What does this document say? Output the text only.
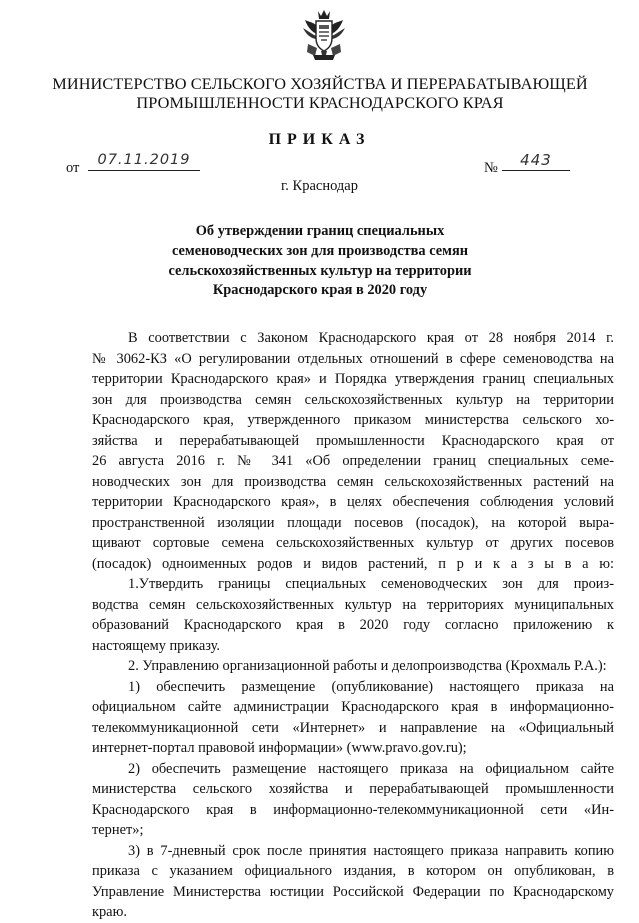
МИНИСТЕРСТВО СЕЛЬСКОГО ХОЗЯЙСТВА И ПЕРЕРАБАТЫВАЮЩЕЙ
ПРОМЫШЛЕННОСТИ КРАСНОДАРСКОГО КРАЯ
ПРИКАЗ
от	07.11.2019	№	443
г. Краснодар
Об утверждении границ специальных
семеноводческих зон для производства семян
сельскохозяйственных культур на территории
Краснодарского края в 2020 году
В соответствии с Законом Краснодарского края от 28 ноября 2014 г.
№ 3062-КЗ «О регулировании отдельных отношений в сфере семеноводства на
территории Краснодарского края» и Порядка утверждения границ специальных
зон для производства семян сельскохозяйственных культур на территории
Краснодарского края, утвержденного приказом министерства сельского хо-
зяйства и перерабатывающей промышленности Краснодарского края от
26 августа 2016 г. № 341 «Об определении границ специальных семе-
новодческих зон для производства семян сельскохозяйственных растений на
территории Краснодарского края», в целях обеспечения соблюдения условий
пространственной изоляции площади посевов (посадок), на которой выра-
щивают сортовые семена сельскохозяйственных культур от других посевов
(посадок) одноименных родов и видов растений, п р и к а з ы в а ю:
1.Утвердить границы специальных семеноводческих зон для произ-
водства семян сельскохозяйственных культур на территориях муниципальных
образований Краснодарского края в 2020 году согласно приложению к
настоящему приказу.
2. Управлению организационной работы и делопроизводства (Крохмаль Р.А.):
1) обеспечить размещение (опубликование) настоящего приказа на
официальном сайте администрации Краснодарского края в информационно-
телекоммуникационной сети «Интернет» и направление на «Официальный
интернет-портал правовой информации» (www.pravo.gov.ru);
2) обеспечить размещение настоящего приказа на официальном сайте
министерства сельского хозяйства и перерабатывающей промышленности
Краснодарского края в информационно-телекоммуникационной сети «Ин-
тернет»;
3) в 7-дневный срок после принятия настоящего приказа направить копию
приказа с указанием официального издания, в котором он опубликован, в
Управление Министерства юстиции Российской Федерации по Краснодарскому
краю.
